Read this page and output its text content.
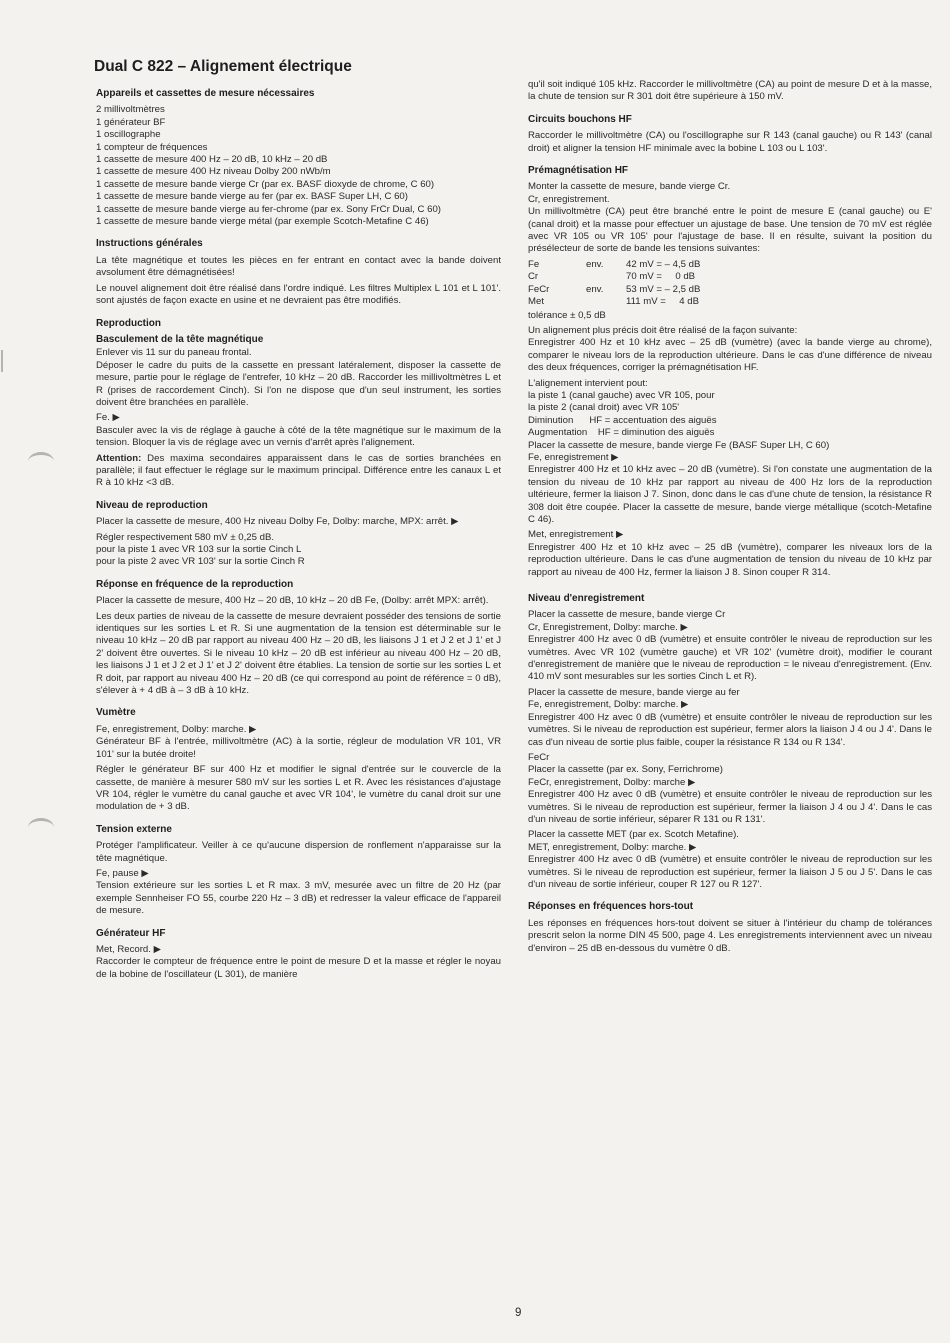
Dual C 822 – Alignement électrique
Appareils et cassettes de mesure nécessaires
2 millivoltmètres
1 générateur BF
1 oscillographe
1 compteur de fréquences
1 cassette de mesure 400 Hz – 20 dB, 10 kHz – 20 dB
1 cassette de mesure 400 Hz niveau Dolby 200 nWb/m
1 cassette de mesure bande vierge Cr (par ex. BASF dioxyde de chrome, C 60)
1 cassette de mesure bande vierge au fer (par ex. BASF Super LH, C 60)
1 cassette de mesure bande vierge au fer-chrome (par ex. Sony FrCr Dual, C 60)
1 cassette de mesure bande vierge métal (par exemple Scotch-Metafine C 46)
Instructions générales

La tête magnétique et toutes les pièces en fer entrant en contact avec la bande doivent avsolument être démagnétisées!

Le nouvel alignement doit être réalisé dans l'ordre indiqué. Les filtres Multiplex L 101 et L 101'. sont ajustés de façon exacte en usine et ne devraient pas être modifiés.

Reproduction
Basculement de la tête magnétique

Enlever vis 11 sur du paneau frontal.

Déposer le cadre du puits de la cassette en pressant latéralement, disposer la cassette de mesure, partie pour le réglage de l'entrefer, 10 kHz – 20 dB. Raccorder les millivoltmètres L et R (prises de raccordement Cinch). Si l'on ne dispose que d'un seul instrument, les sorties doivent être branchées en parallèle.

Fe. ▶

Basculer avec la vis de réglage à gauche à côté de la tête magnétique sur le maximum de la tension. Bloquer la vis de réglage avec un vernis d'arrêt après l'alignement.

Attention: Des maxima secondaires apparaissent dans le cas de sorties branchées en parallèle; il faut effectuer le réglage sur le maximum principal. Différence entre les canaux L et R à 10 kHz <3 dB.

Niveau de reproduction

Placer la cassette de mesure, 400 Hz niveau Dolby Fe, Dolby: marche, MPX: arrêt. ▶

Régler respectivement 580 mV ± 0,25 dB.

pour la piste 1 avec VR 103 sur la sortie Cinch L

pour la piste 2 avec VR 103' sur la sortie Cinch R

Réponse en fréquence de la reproduction

Placer la cassette de mesure, 400 Hz – 20 dB, 10 kHz – 20 dB Fe, (Dolby: arrêt MPX: arrêt).

Les deux parties de niveau de la cassette de mesure devraient posséder des tensions de sortie identiques sur les sorties L et R. Si une augmentation de la tension est déterminable sur le niveau 10 kHz – 20 dB par rapport au niveau 400 Hz – 20 dB, les liaisons J 1 et J 2 et J 1' et J 2' doivent être ouvertes. Si le niveau 10 kHz – 20 dB est inférieur au niveau 400 Hz – 20 dB, les liaisons J 1 et J 2 et J 1' et J 2' doivent être établies. La tension de sortie sur les sorties L et R doit, par rapport au niveau 400 Hz – 20 dB (ce qui correspond au point de référence = 0 dB), s'élever à + 4 dB à – 3 dB à 10 kHz.

Vumètre

Fe, enregistrement, Dolby: marche. ▶

Générateur BF à l'entrée, millivoltmètre (AC) à la sortie, régleur de modulation VR 101, VR 101' sur la butée droite!

Régler le générateur BF sur 400 Hz et modifier le signal d'entrée sur le couvercle de la cassette, de manière à mesurer 580 mV sur les sorties L et R. Avec les résistances d'ajustage VR 104, régler le vumètre du canal gauche et avec VR 104', le vumètre du canal droit sur une modulation de + 3 dB.

Tension externe

Protéger l'amplificateur. Veiller à ce qu'aucune dispersion de ronflement n'apparaisse sur la tête magnétique.

Fe, pause ▶

Tension extérieure sur les sorties L et R max. 3 mV, mesurée avec un filtre de 20 Hz (par exemple Sennheiser FO 55, courbe 220 Hz – 3 dB) et redresser la valeur efficace de l'appareil de mesure.

Générateur HF

Met, Record. ▶

Raccorder le compteur de fréquence entre le point de mesure D et la masse et régler le noyau de la bobine de l'oscillateur (L 301), de manière

qu'il soit indiqué 105 kHz. Raccorder le millivoltmètre (CA) au point de mesure D et à la masse, la chute de tension sur R 301 doit être supérieure à 150 mV.

Circuits bouchons HF

Raccorder le millivoltmètre (CA) ou l'oscillographe sur R 143 (canal gauche) ou R 143' (canal droit) et aligner la tension HF minimale avec la bobine L 103 ou L 103'.

Prémagnétisation HF

Monter la cassette de mesure, bande vierge Cr.

Cr, enregistrement.

Un millivoltmètre (CA) peut être branché entre le point de mesure E (canal gauche) ou E' (canal droit) et la masse pour effectuer un ajustage de base. Une tension de 70 mV est réglée avec VR 105 ou VR 105' pour l'ajustage de base. Il en résulte, suivant la position du présélecteur de sorte de bande les tensions suivantes:

Fe	env.	42 mV = – 4,5 dB
Cr		70 mV =     0 dB
FeCr	env.	53 mV = – 2,5 dB
Met		111 mV =     4 dB

tolérance ± 0,5 dB

Un alignement plus précis doit être réalisé de la façon suivante:

Enregistrer 400 Hz et 10 kHz avec – 25 dB (vumètre) (avec la bande vierge au chrome), comparer le niveau lors de la reproduction ultérieure. Dans le cas d'une différence de niveau des deux fréquences, corriger la prémagnétisation HF.

L'alignement intervient pout:

la piste 1 (canal gauche) avec VR 105, pour

la piste 2 (canal droit) avec VR 105'

Diminution      HF = accentuation des aiguës

Augmentation    HF = diminution des aiguës

Placer la cassette de mesure, bande vierge Fe (BASF Super LH, C 60)

Fe, enregistrement ▶

Enregistrer 400 Hz et 10 kHz avec – 20 dB (vumètre). Si l'on constate une augmentation de la tension du niveau de 10 kHz par rapport au niveau de 400 Hz lors de la reproduction ultérieure, fermer la liaison J 7. Sinon, donc dans le cas d'une chute de tension, la résistance R 308 doit être coupée. Placer la cassette de mesure, bande vierge métallique (scotch-Metafine C 46).

Met, enregistrement ▶

Enregistrer 400 Hz et 10 kHz avec – 25 dB (vumètre), comparer les niveaux lors de la reproduction ultérieure. Dans le cas d'une augmentation de tension du niveau de 10 kHz par rapport au niveau de 400 Hz, fermer la liaison J 8. Sinon couper R 314.

Niveau d'enregistrement

Placer la cassette de mesure, bande vierge Cr

Cr, Enregistrement, Dolby: marche. ▶

Enregistrer 400 Hz avec 0 dB (vumètre) et ensuite contrôler le niveau de reproduction sur les vumètres. Avec VR 102 (vumètre gauche) et VR 102' (vumètre droit), modifier le courant d'enregistrement de manière que le niveau de reproduction = le niveau d'enregistrement. (Env. 410 mV sont mesurables sur les sorties Cinch L et R).

Placer la cassette de mesure, bande vierge au fer

Fe, enregistrement, Dolby: marche. ▶

Enregistrer 400 Hz avec 0 dB (vumètre) et ensuite contrôler le niveau de reproduction sur les vumètres. Si le niveau de reproduction est supérieur, fermer alors la liaison J 4 ou J 4'. Dans le cas d'un niveau de sortie plus faible, couper la résistance R 134 ou R 134'.

FeCr

Placer la cassette (par ex. Sony, Ferrichrome)

FeCr, enregistrement, Dolby: marche ▶

Enregistrer 400 Hz avec 0 dB (vumètre) et ensuite contrôler le niveau de reproduction sur les vumètres. Si le niveau de reproduction est supérieur, fermer la liaison J 4 ou J 4'. Dans le cas d'un niveau de sortie inférieur, séparer R 131 ou R 131'.

Placer la cassette MET (par ex. Scotch Metafine).

MET, enregistrement, Dolby: marche. ▶

Enregistrer 400 Hz avec 0 dB (vumètre) et ensuite contrôler le niveau de reproduction sur les vumètres. Si le niveau de reproduction est supérieur, fermer la liaison J 5 ou J 5'. Dans le cas d'un niveau de sortie inférieur, couper R 127 ou R 127'.

Réponses en fréquences hors-tout

Les réponses en fréquences hors-tout doivent se situer à l'intérieur du champ de tolérances prescrit selon la norme DIN 45 500, page 4. Les enregistrements interviennent avec un niveau d'environ – 25 dB en-dessous du vumètre 0 dB.

9
